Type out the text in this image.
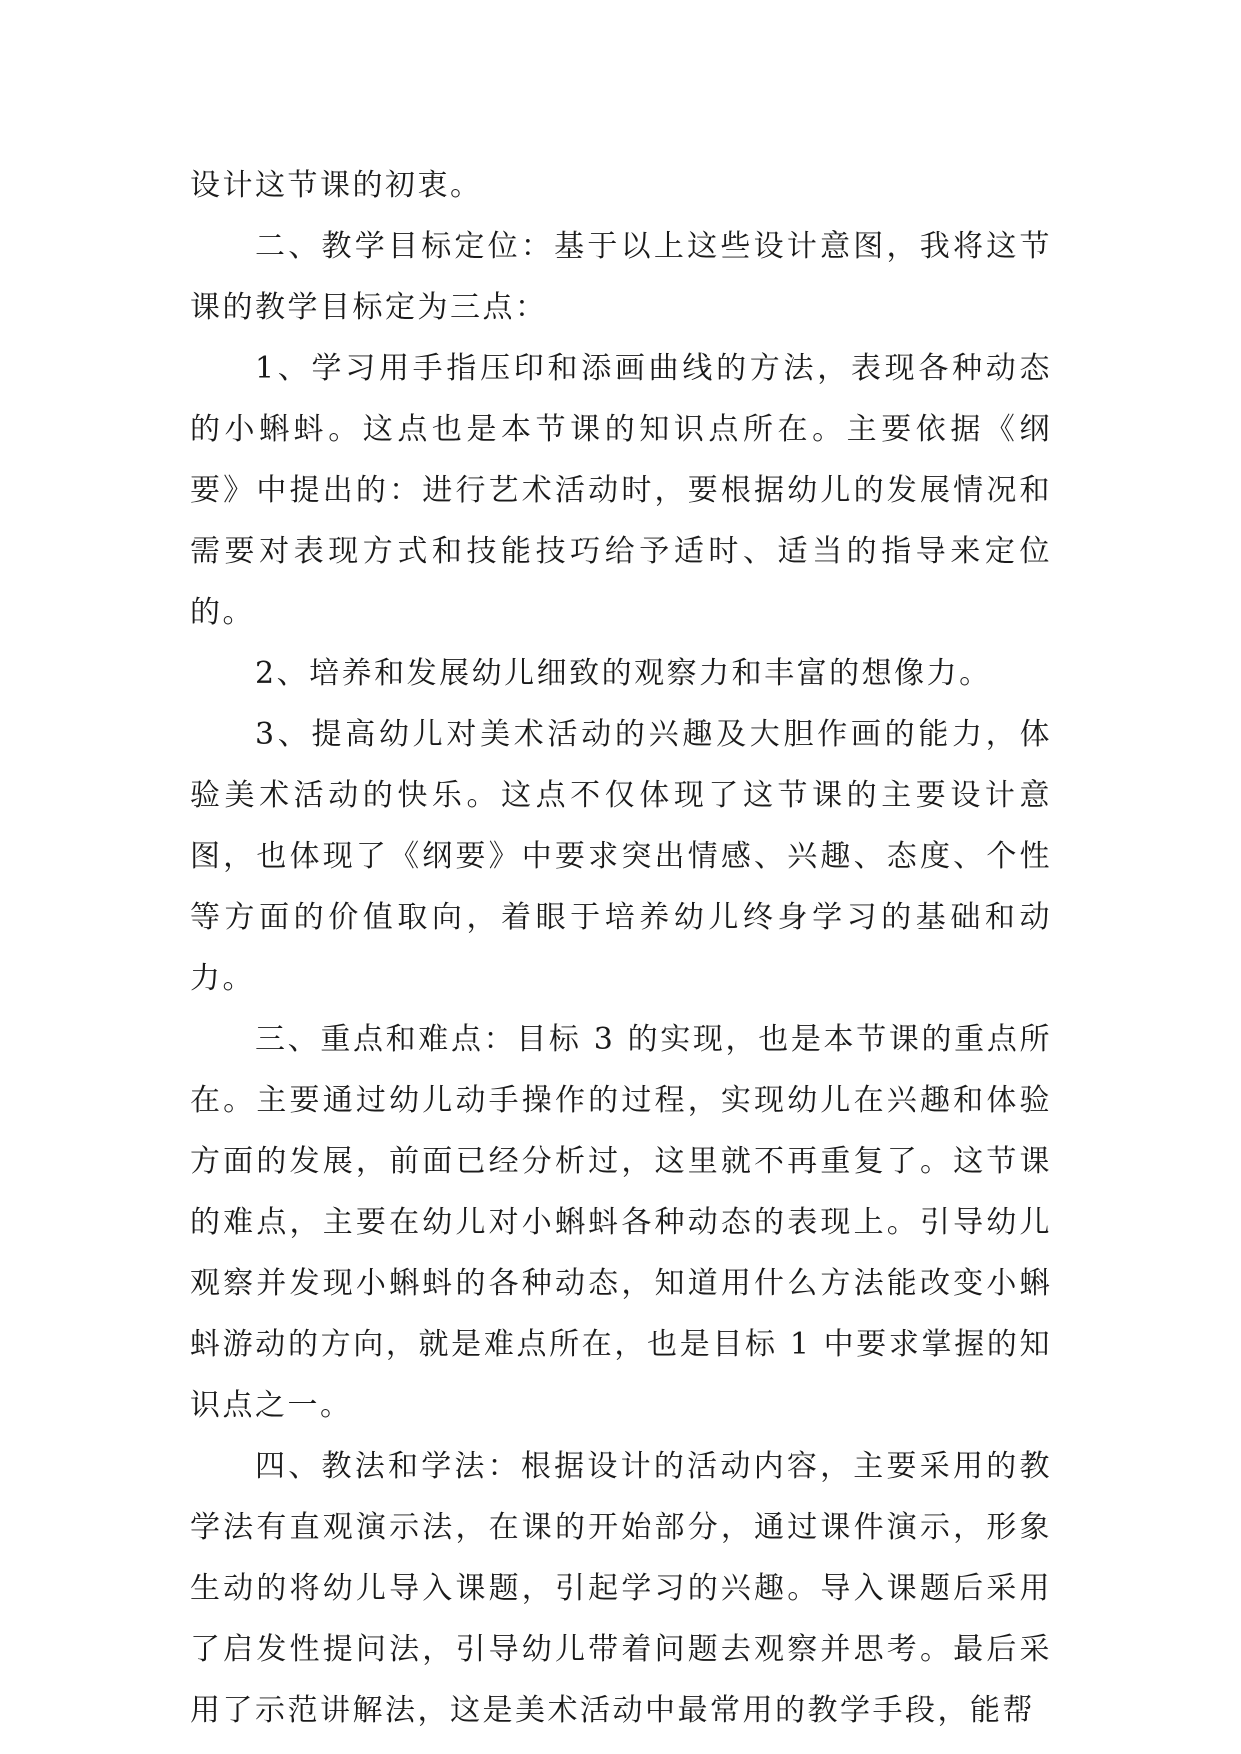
设计这节课的初衷。

二、教学目标定位：基于以上这些设计意图，我将这节课的教学目标定为三点：

1、学习用手指压印和添画曲线的方法，表现各种动态的小蝌蚪。这点也是本节课的知识点所在。主要依据《纲要》中提出的：进行艺术活动时，要根据幼儿的发展情况和需要对表现方式和技能技巧给予适时、适当的指导来定位的。

2、培养和发展幼儿细致的观察力和丰富的想像力。

3、提高幼儿对美术活动的兴趣及大胆作画的能力，体验美术活动的快乐。这点不仅体现了这节课的主要设计意图，也体现了《纲要》中要求突出情感、兴趣、态度、个性等方面的价值取向，着眼于培养幼儿终身学习的基础和动力。

三、重点和难点：目标 3 的实现，也是本节课的重点所在。主要通过幼儿动手操作的过程，实现幼儿在兴趣和体验方面的发展，前面已经分析过，这里就不再重复了。这节课的难点，主要在幼儿对小蝌蚪各种动态的表现上。引导幼儿观察并发现小蝌蚪的各种动态，知道用什么方法能改变小蝌蚪游动的方向，就是难点所在，也是目标 1 中要求掌握的知识点之一。

四、教法和学法：根据设计的活动内容，主要采用的教学法有直观演示法，在课的开始部分，通过课件演示，形象生动的将幼儿导入课题，引起学习的兴趣。导入课题后采用了启发性提问法，引导幼儿带着问题去观察并思考。最后采用了示范讲解法，这是美术活动中最常用的教学手段，能帮
